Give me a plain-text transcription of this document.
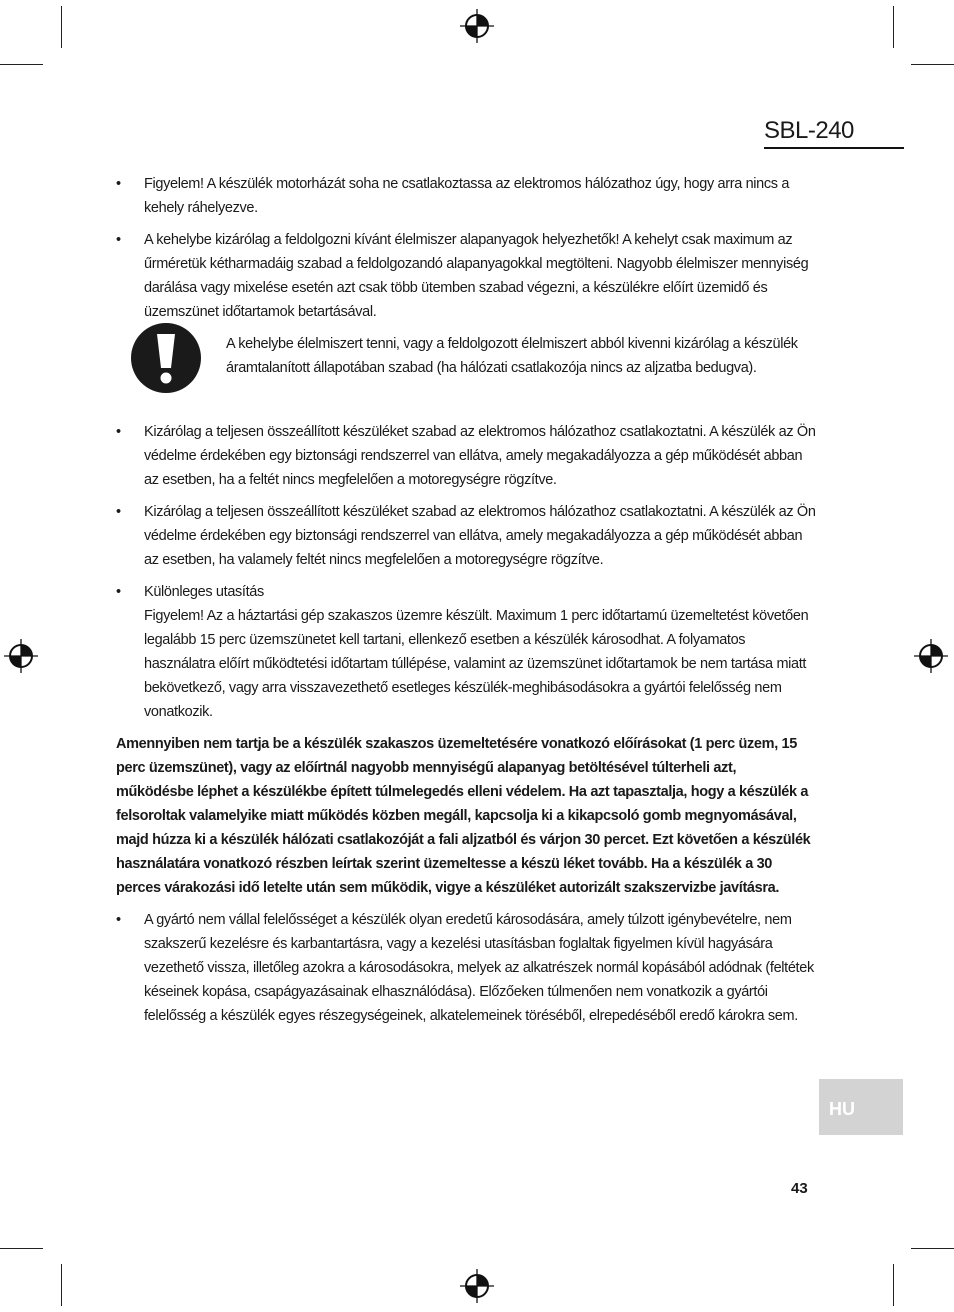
SBL-240
• Figyelem! A készülék motorházát soha ne csatlakoztassa az elektromos hálózathoz úgy, hogy arra nincs a kehely ráhelyezve.
• A kehelybe kizárólag a feldolgozni kívánt élelmiszer alapanyagok helyezhetők! A kehelyt csak maximum az űrméretük kétharmadáig szabad a feldolgozandó alapanyagokkal megtölteni. Nagyobb élelmiszer mennyiség darálása vagy mixelése esetén azt csak több ütemben szabad végezni, a készülékre előírt üzemidő és üzemszünet időtartamok betartásával.
A kehelybe élelmiszert tenni, vagy a feldolgozott élelmiszert abból kivenni kizárólag a készülék áramtalanított állapotában szabad (ha hálózati csatlakozója nincs az aljzatba bedugva).
• Kizárólag a teljesen összeállított készüléket szabad az elektromos hálózathoz csatlakoztatni. A készülék az Ön védelme érdekében egy biztonsági rendszerrel van ellátva, amely megakadályozza a gép működését abban az esetben, ha a feltét nincs megfelelően a motoregységre rögzítve.
• Kizárólag a teljesen összeállított készüléket szabad az elektromos hálózathoz csatlakoztatni. A készülék az Ön védelme érdekében egy biztonsági rendszerrel van ellátva, amely megakadályozza a gép működését abban az esetben, ha valamely feltét nincs megfelelően a motoregységre rögzítve.
• Különleges utasítás
Figyelem! Az a háztartási gép szakaszos üzemre készült. Maximum 1 perc időtartamú üzemeltetést követően legalább 15 perc üzemszünetet kell tartani, ellenkező esetben a készülék károsodhat. A folyamatos használatra előírt működtetési időtartam túllépése, valamint az üzemszünet időtartamok be nem tartása miatt bekövetkező, vagy arra visszavezethető esetleges készülék-meghibásodásokra a gyártói felelősség nem vonatkozik.
Amennyiben nem tartja be a készülék szakaszos üzemeltetésére vonatkozó előírásokat (1 perc üzem, 15 perc üzemszünet), vagy az előírtnál nagyobb mennyiségű alapanyag betöltésével túlterheli azt, működésbe léphet a készülékbe épített túlmelegedés elleni védelem. Ha azt tapasztalja, hogy a készülék a felsoroltak valamelyike miatt működés közben megáll, kapcsolja ki a kikapcsoló gomb megnyomásával, majd húzza ki a készülék hálózati csatlakozóját a fali aljzatból és várjon 30 percet. Ezt követően a készülék használatára vonatkozó részben leírtak szerint üzemeltesse a készü léket tovább. Ha a készülék a 30 perces várakozási idő letelte után sem működik, vigye a készüléket autorizált szakszervizbe javításra.
• A gyártó nem vállal felelősséget a készülék olyan eredetű károsodására, amely túlzott igénybevételre, nem szakszerű kezelésre és karbantartásra, vagy a kezelési utasításban foglaltak figyelmen kívül hagyására vezethető vissza, illetőleg azokra a károsodásokra, melyek az alkatrészek normál kopásából adódnak (feltétek késeinek kopása, csapágyazásainak elhasználódása). Előzőeken túlmenően nem vonatkozik a gyártói felelősség a készülék egyes részegységeinek, alkatelemeinek töréséből, elrepedéséből eredő károkra sem.
HU
43
